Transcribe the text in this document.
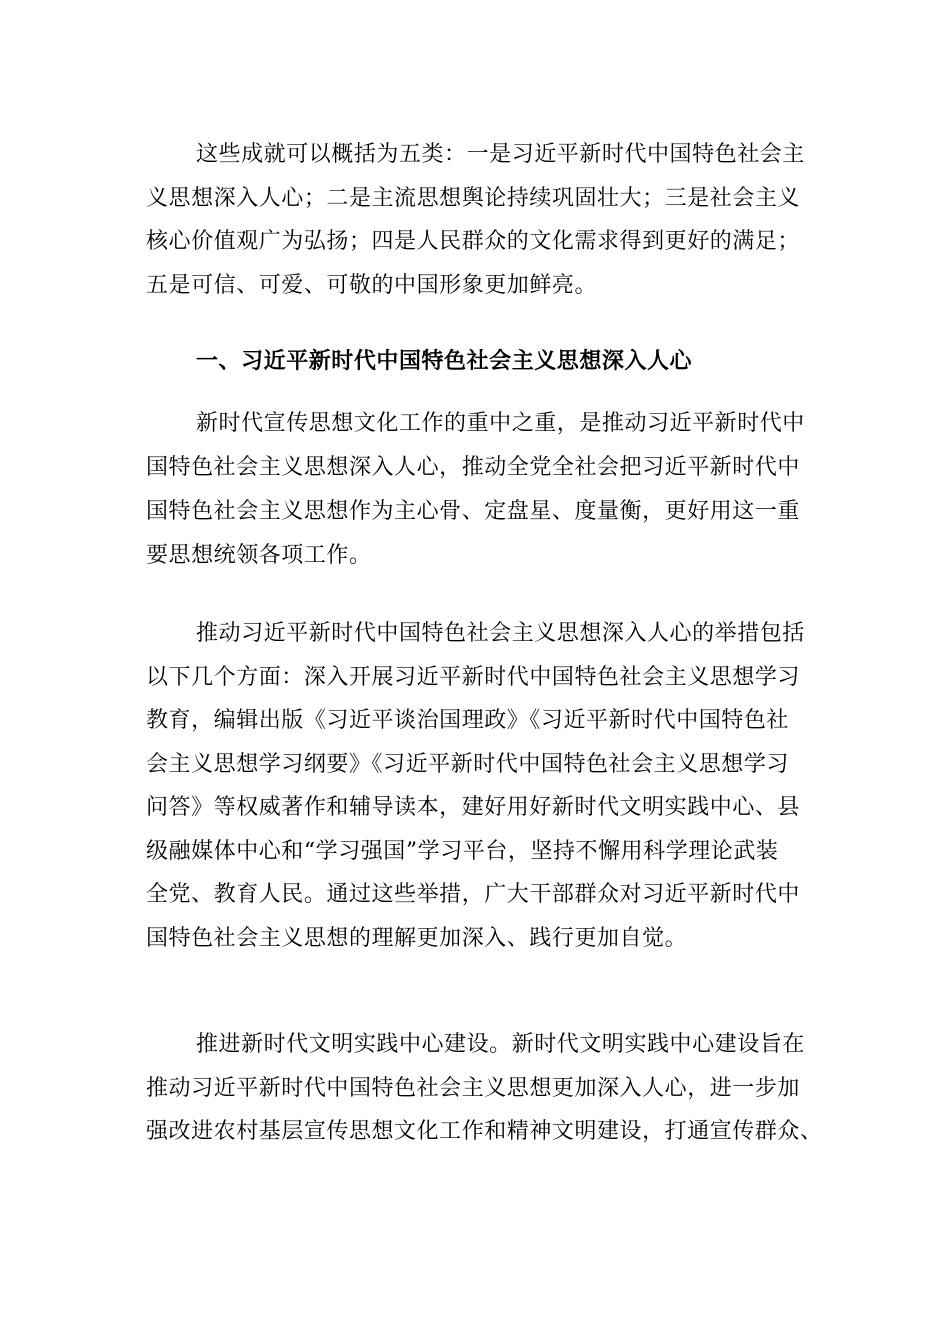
这些成就可以概括为五类：一是习近平新时代中国特色社会主
义思想深入人心；二是主流思想舆论持续巩固壮大；三是社会主义
核心价值观广为弘扬；四是人民群众的文化需求得到更好的满足；
五是可信、可爱、可敬的中国形象更加鲜亮。
一、习近平新时代中国特色社会主义思想深入人心
新时代宣传思想文化工作的重中之重，是推动习近平新时代中
国特色社会主义思想深入人心，推动全党全社会把习近平新时代中
国特色社会主义思想作为主心骨、定盘星、度量衡，更好用这一重
要思想统领各项工作。
推动习近平新时代中国特色社会主义思想深入人心的举措包括
以下几个方面：深入开展习近平新时代中国特色社会主义思想学习
教育，编辑出版《习近平谈治国理政》《习近平新时代中国特色社
会主义思想学习纲要》《习近平新时代中国特色社会主义思想学习
问答》等权威著作和辅导读本，建好用好新时代文明实践中心、县
级融媒体中心和“学习强国”学习平台，坚持不懈用科学理论武装
全党、教育人民。通过这些举措，广大干部群众对习近平新时代中
国特色社会主义思想的理解更加深入、践行更加自觉。
推进新时代文明实践中心建设。新时代文明实践中心建设旨在
推动习近平新时代中国特色社会主义思想更加深入人心，进一步加
强改进农村基层宣传思想文化工作和精神文明建设，打通宣传群众、
